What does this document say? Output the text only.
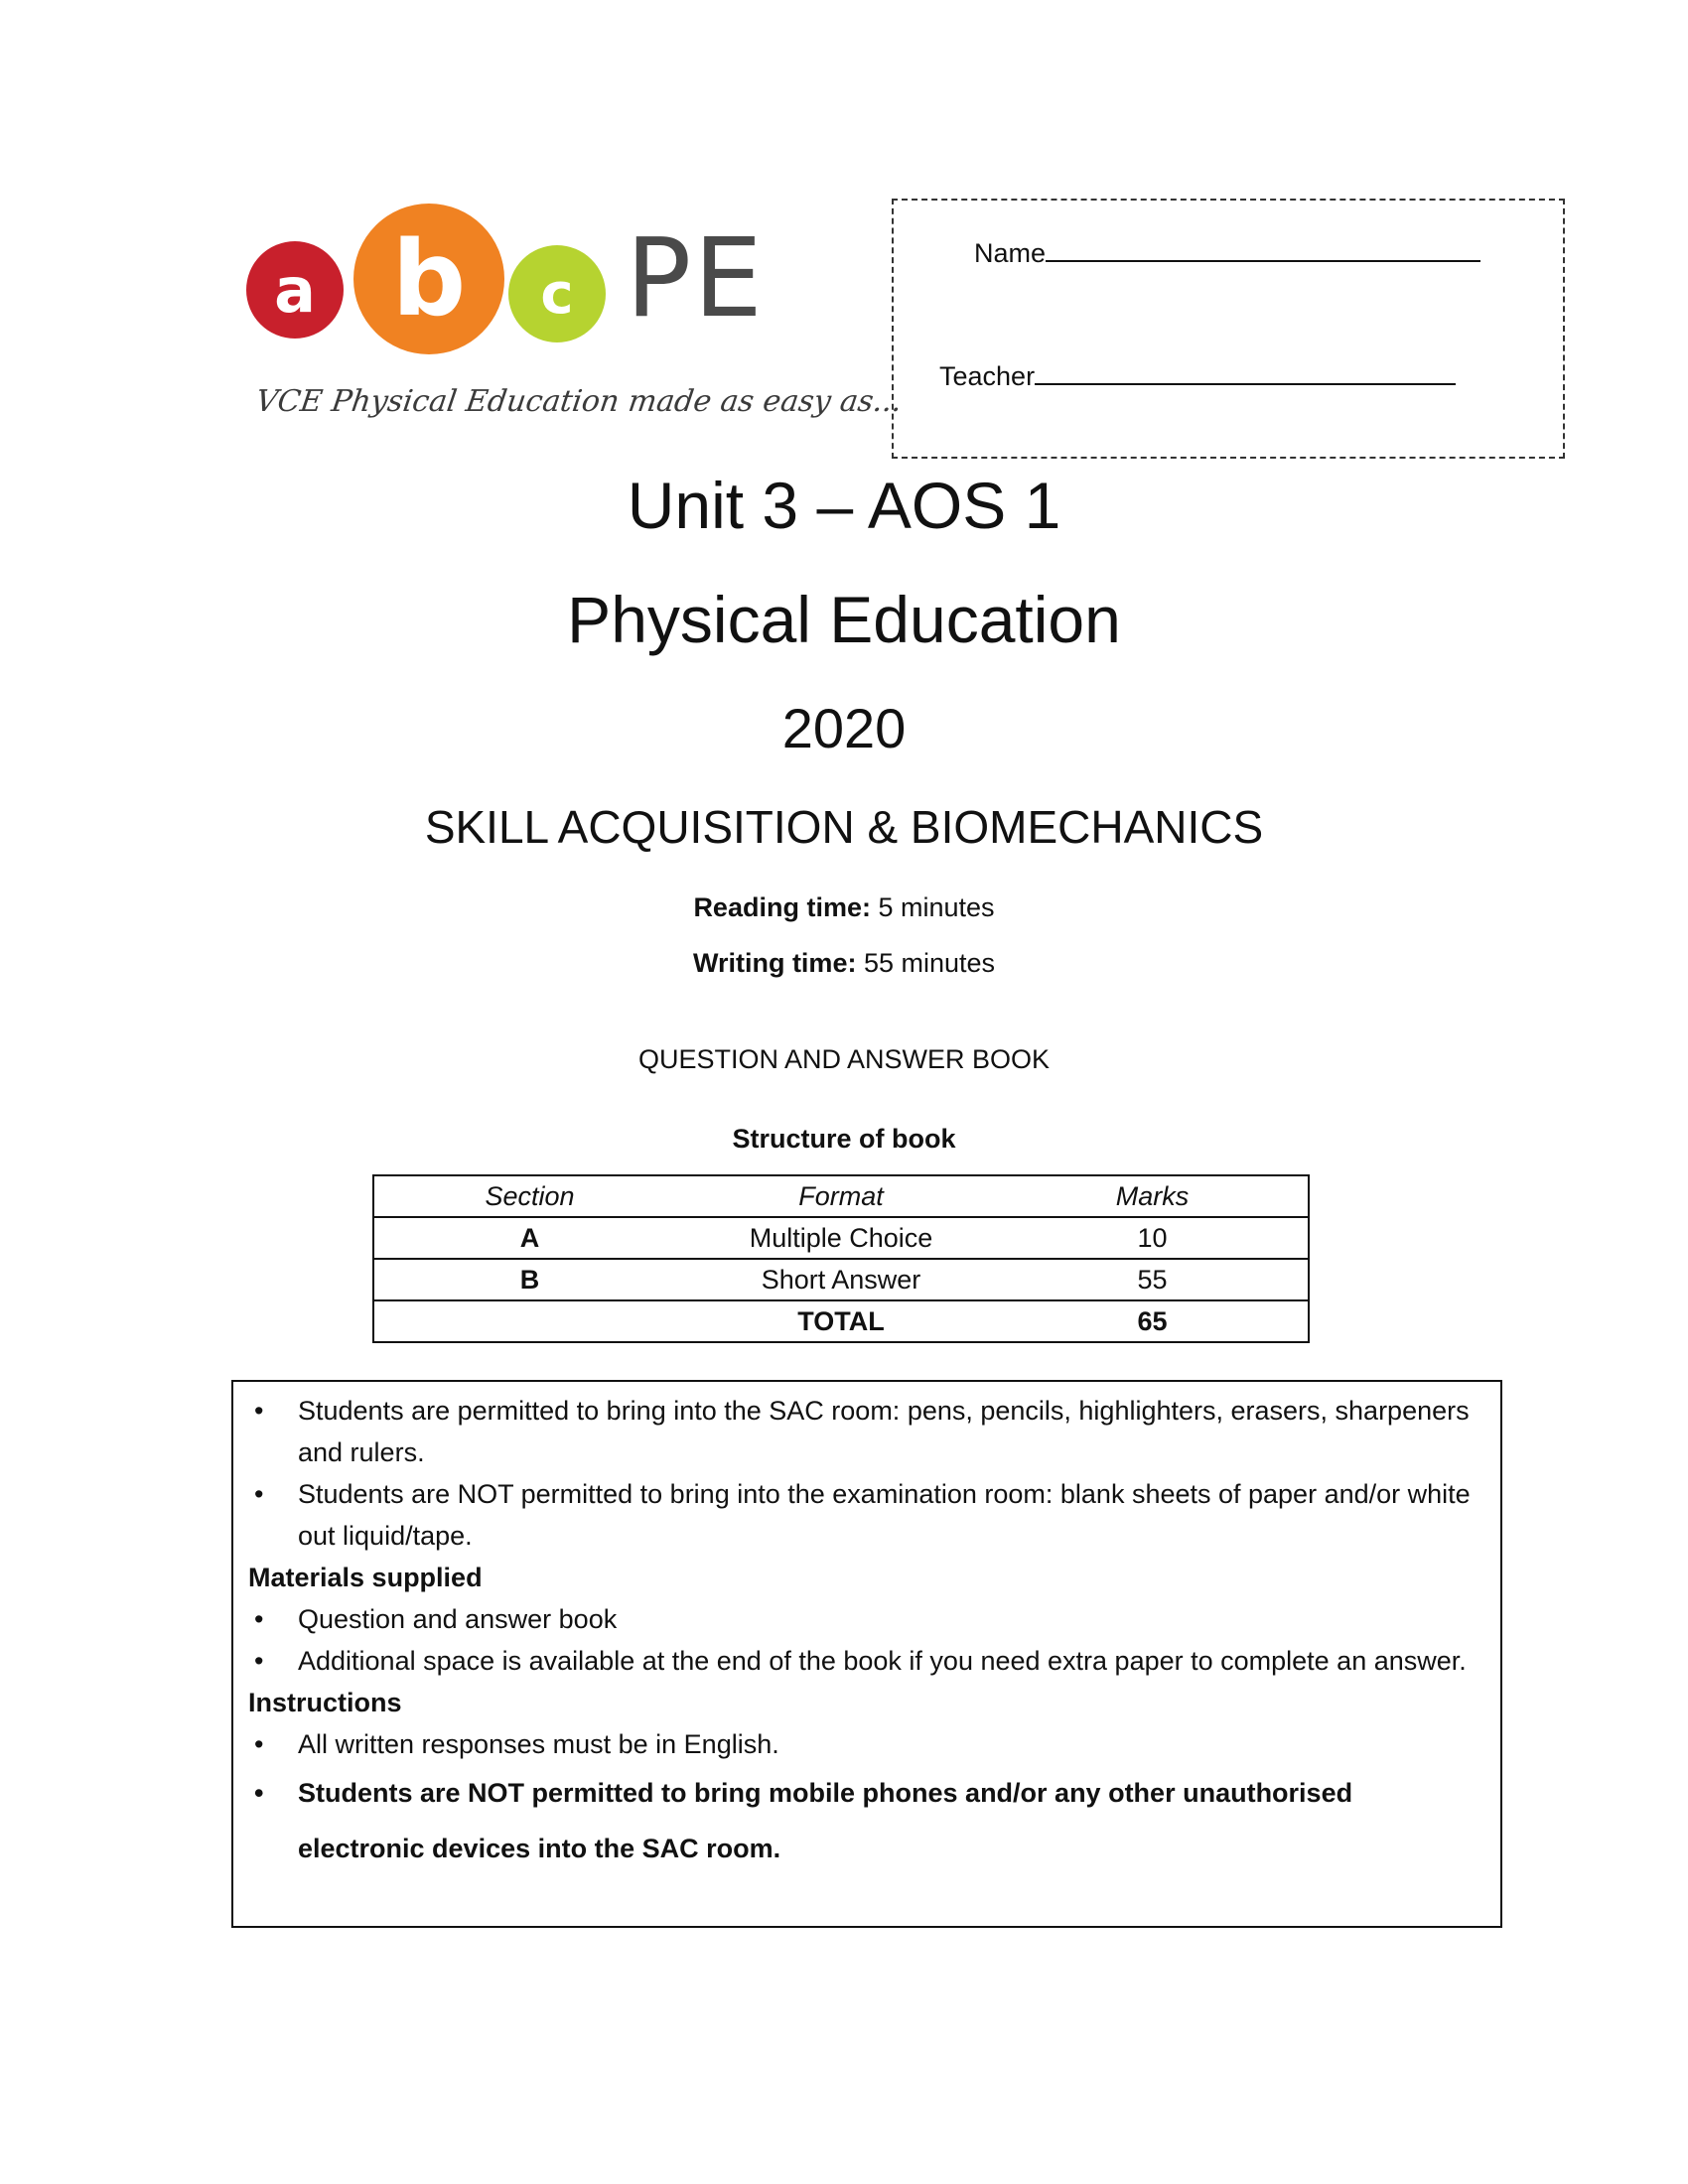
a b	c PE
VCE Physical Education made as easy as...
Name
Teacher
Unit 3 – AOS 1
Physical Education
2020
SKILL ACQUISITION & BIOMECHANICS
Reading time: 5 minutes
Writing time: 55 minutes
QUESTION AND ANSWER BOOK
Structure of book
Section	Format	Marks
A	Multiple Choice	10
B	Short Answer	55
	TOTAL	65
• Students are permitted to bring into the SAC room: pens, pencils, highlighters, erasers, sharpeners and rulers.
• Students are NOT permitted to bring into the examination room: blank sheets of paper and/or white out liquid/tape.
Materials supplied
• Question and answer book
• Additional space is available at the end of the book if you need extra paper to complete an answer.
Instructions
• All written responses must be in English.
• Students are NOT permitted to bring mobile phones and/or any other unauthorised electronic devices into the SAC room.
